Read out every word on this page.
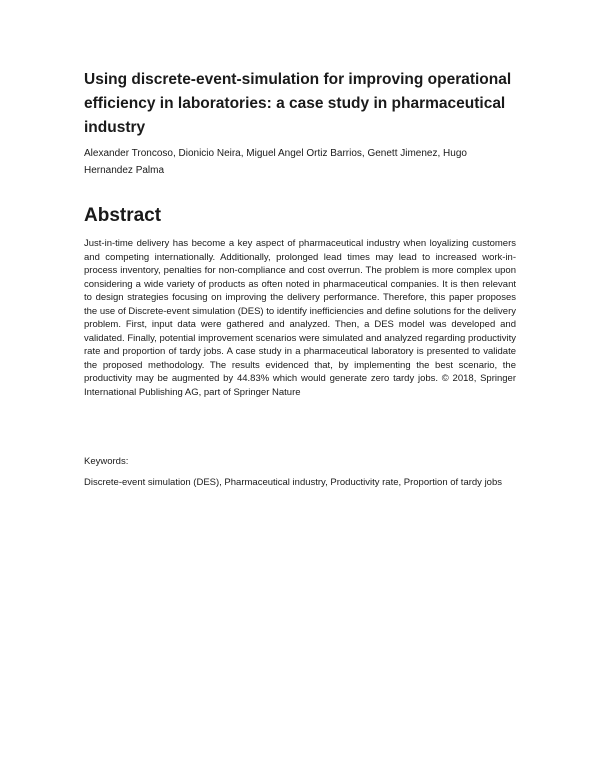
Using discrete-event-simulation for improving operational efficiency in laboratories: a case study in pharmaceutical industry

Alexander Troncoso, Dionicio Neira, Miguel Angel Ortiz Barrios, Genett Jimenez, Hugo Hernandez Palma

Abstract

Just-in-time delivery has become a key aspect of pharmaceutical industry when loyalizing customers and competing internationally. Additionally, prolonged lead times may lead to increased work-in-process inventory, penalties for non-compliance and cost overrun. The problem is more complex upon considering a wide variety of products as often noted in pharmaceutical companies. It is then relevant to design strategies focusing on improving the delivery performance. Therefore, this paper proposes the use of Discrete-event simulation (DES) to identify inefficiencies and define solutions for the delivery problem. First, input data were gathered and analyzed. Then, a DES model was developed and validated. Finally, potential improvement scenarios were simulated and analyzed regarding productivity rate and proportion of tardy jobs. A case study in a pharmaceutical laboratory is presented to validate the proposed methodology. The results evidenced that, by implementing the best scenario, the productivity may be augmented by 44.83% which would generate zero tardy jobs. © 2018, Springer International Publishing AG, part of Springer Nature

Keywords:

Discrete-event simulation (DES), Pharmaceutical industry, Productivity rate, Proportion of tardy jobs
